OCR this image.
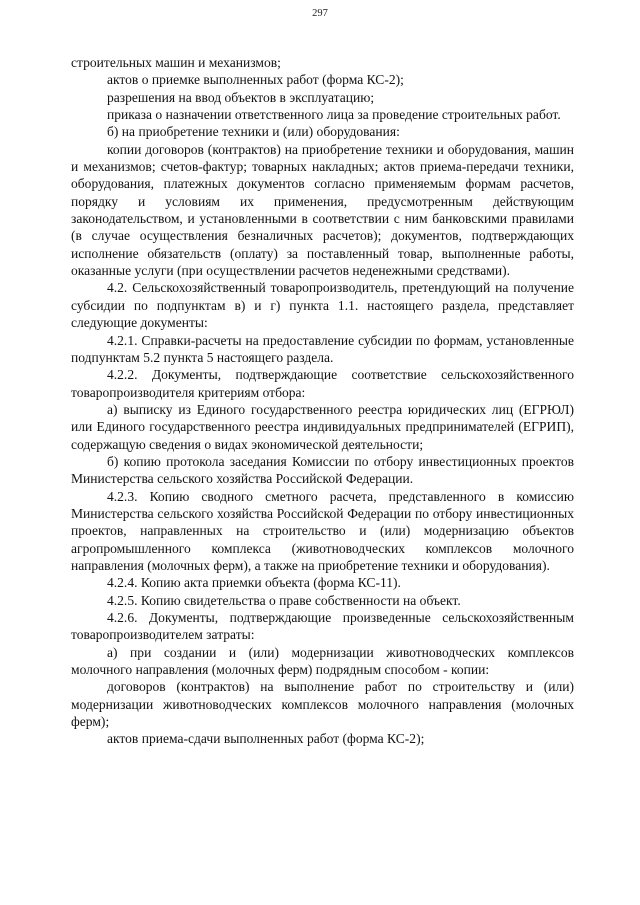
297

строительных машин и механизмов;

актов о приемке выполненных работ (форма КС-2);

разрешения на ввод объектов в эксплуатацию;

приказа о назначении ответственного лица за проведение строительных работ.

б) на приобретение техники и (или) оборудования:

копии договоров (контрактов) на приобретение техники и оборудования, машин и механизмов; счетов-фактур; товарных накладных; актов приема-передачи техники, оборудования, платежных документов согласно применяемым формам расчетов, порядку и условиям их применения, предусмотренным действующим законодательством, и установленными в соответствии с ним банковскими правилами (в случае осуществления безналичных расчетов); документов, подтверждающих исполнение обязательств (оплату) за поставленный товар, выполненные работы, оказанные услуги (при осуществлении расчетов неденежными средствами).

4.2. Сельскохозяйственный товаропроизводитель, претендующий на получение субсидии по подпунктам в) и г) пункта 1.1. настоящего раздела, представляет следующие документы:

4.2.1. Справки-расчеты на предоставление субсидии по формам, установленные подпунктам 5.2 пункта 5 настоящего раздела.

4.2.2. Документы, подтверждающие соответствие сельскохозяйственного товаропроизводителя критериям отбора:

а) выписку из Единого государственного реестра юридических лиц (ЕГРЮЛ) или Единого государственного реестра индивидуальных предпринимателей (ЕГРИП), содержащую сведения о видах экономической деятельности;

б) копию протокола заседания Комиссии по отбору инвестиционных проектов Министерства сельского хозяйства Российской Федерации.

4.2.3. Копию сводного сметного расчета, представленного в комиссию Министерства сельского хозяйства Российской Федерации по отбору инвестиционных проектов, направленных на строительство и (или) модернизацию объектов агропромышленного комплекса (животноводческих комплексов молочного направления (молочных ферм), а также на приобретение техники и оборудования).

4.2.4. Копию акта приемки объекта (форма КС-11).

4.2.5. Копию свидетельства о праве собственности на объект.

4.2.6. Документы, подтверждающие произведенные сельскохозяйственным товаропроизводителем затраты:

а) при создании и (или) модернизации животноводческих комплексов молочного направления (молочных ферм) подрядным способом - копии:

договоров (контрактов) на выполнение работ по строительству и (или) модернизации животноводческих комплексов молочного направления (молочных ферм);

актов приема-сдачи выполненных работ (форма КС-2);
